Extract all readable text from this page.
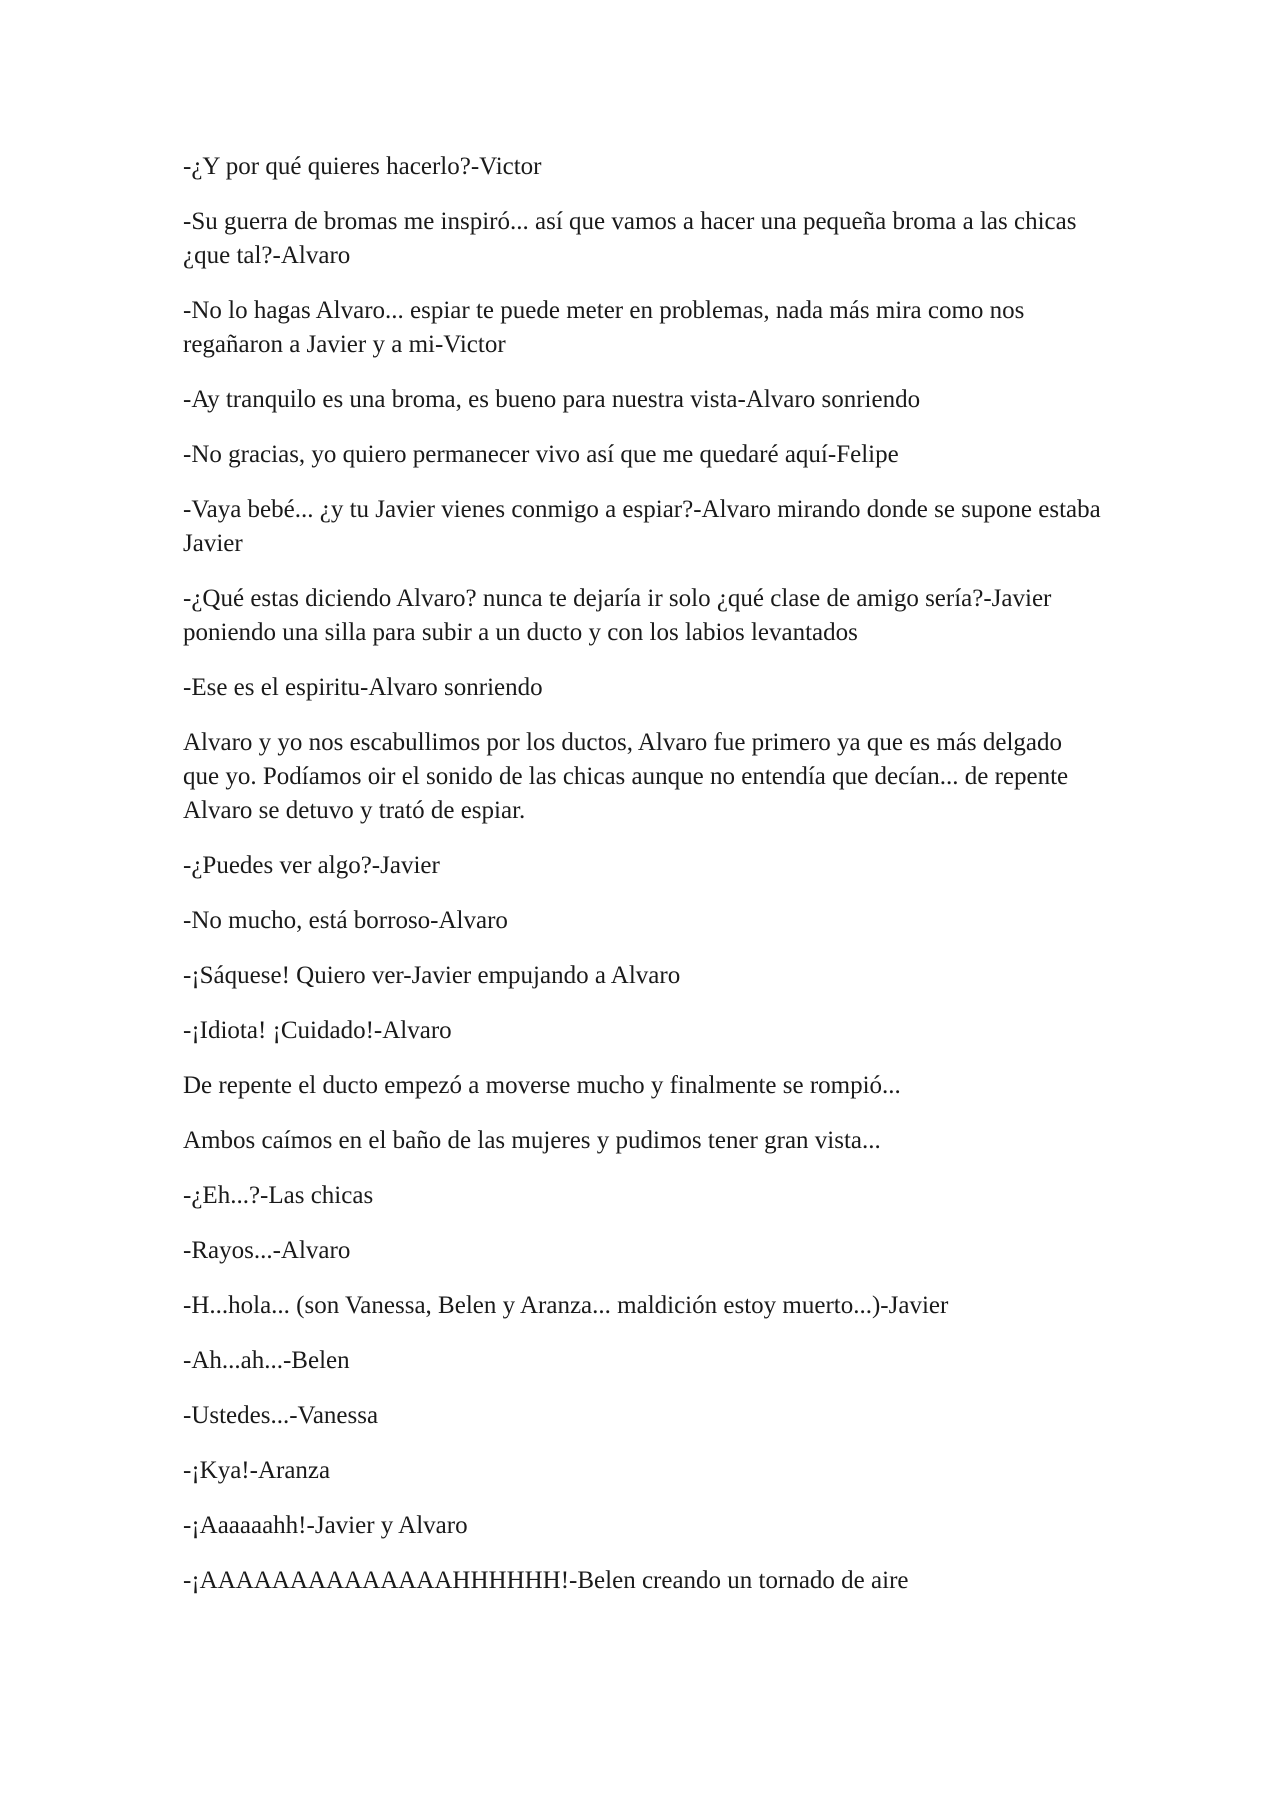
-¿Y por qué quieres hacerlo?-Victor

-Su guerra de bromas me inspiró... así que vamos a hacer una pequeña broma a las chicas ¿que tal?-Alvaro

-No lo hagas Alvaro... espiar te puede meter en problemas, nada más mira como nos regañaron a Javier y a mi-Victor

-Ay tranquilo es una broma, es bueno para nuestra vista-Alvaro sonriendo

-No gracias, yo quiero permanecer vivo así que me quedaré aquí-Felipe

-Vaya bebé... ¿y tu Javier vienes conmigo a espiar?-Alvaro mirando donde se supone estaba Javier

-¿Qué estas diciendo Alvaro? nunca te dejaría ir solo ¿qué clase de amigo sería?-Javier poniendo una silla para subir a un ducto y con los labios levantados

-Ese es el espiritu-Alvaro sonriendo

Alvaro y yo nos escabullimos por los ductos, Alvaro fue primero ya que es más delgado que yo. Podíamos oir el sonido de las chicas aunque no entendía que decían... de repente Alvaro se detuvo y trató de espiar.

-¿Puedes ver algo?-Javier

-No mucho, está borroso-Alvaro

-¡Sáquese! Quiero ver-Javier empujando a Alvaro

-¡Idiota! ¡Cuidado!-Alvaro

De repente el ducto empezó a moverse mucho y finalmente se rompió...

Ambos caímos en el baño de las mujeres y pudimos tener gran vista...

-¿Eh...?-Las chicas

-Rayos...-Alvaro

-H...hola... (son Vanessa, Belen y Aranza... maldición estoy muerto...)-Javier

-Ah...ah...-Belen

-Ustedes...-Vanessa

-¡Kya!-Aranza

-¡Aaaaaahh!-Javier y Alvaro

-¡AAAAAAAAAAAAAAHHHHHH!-Belen creando un tornado de aire
